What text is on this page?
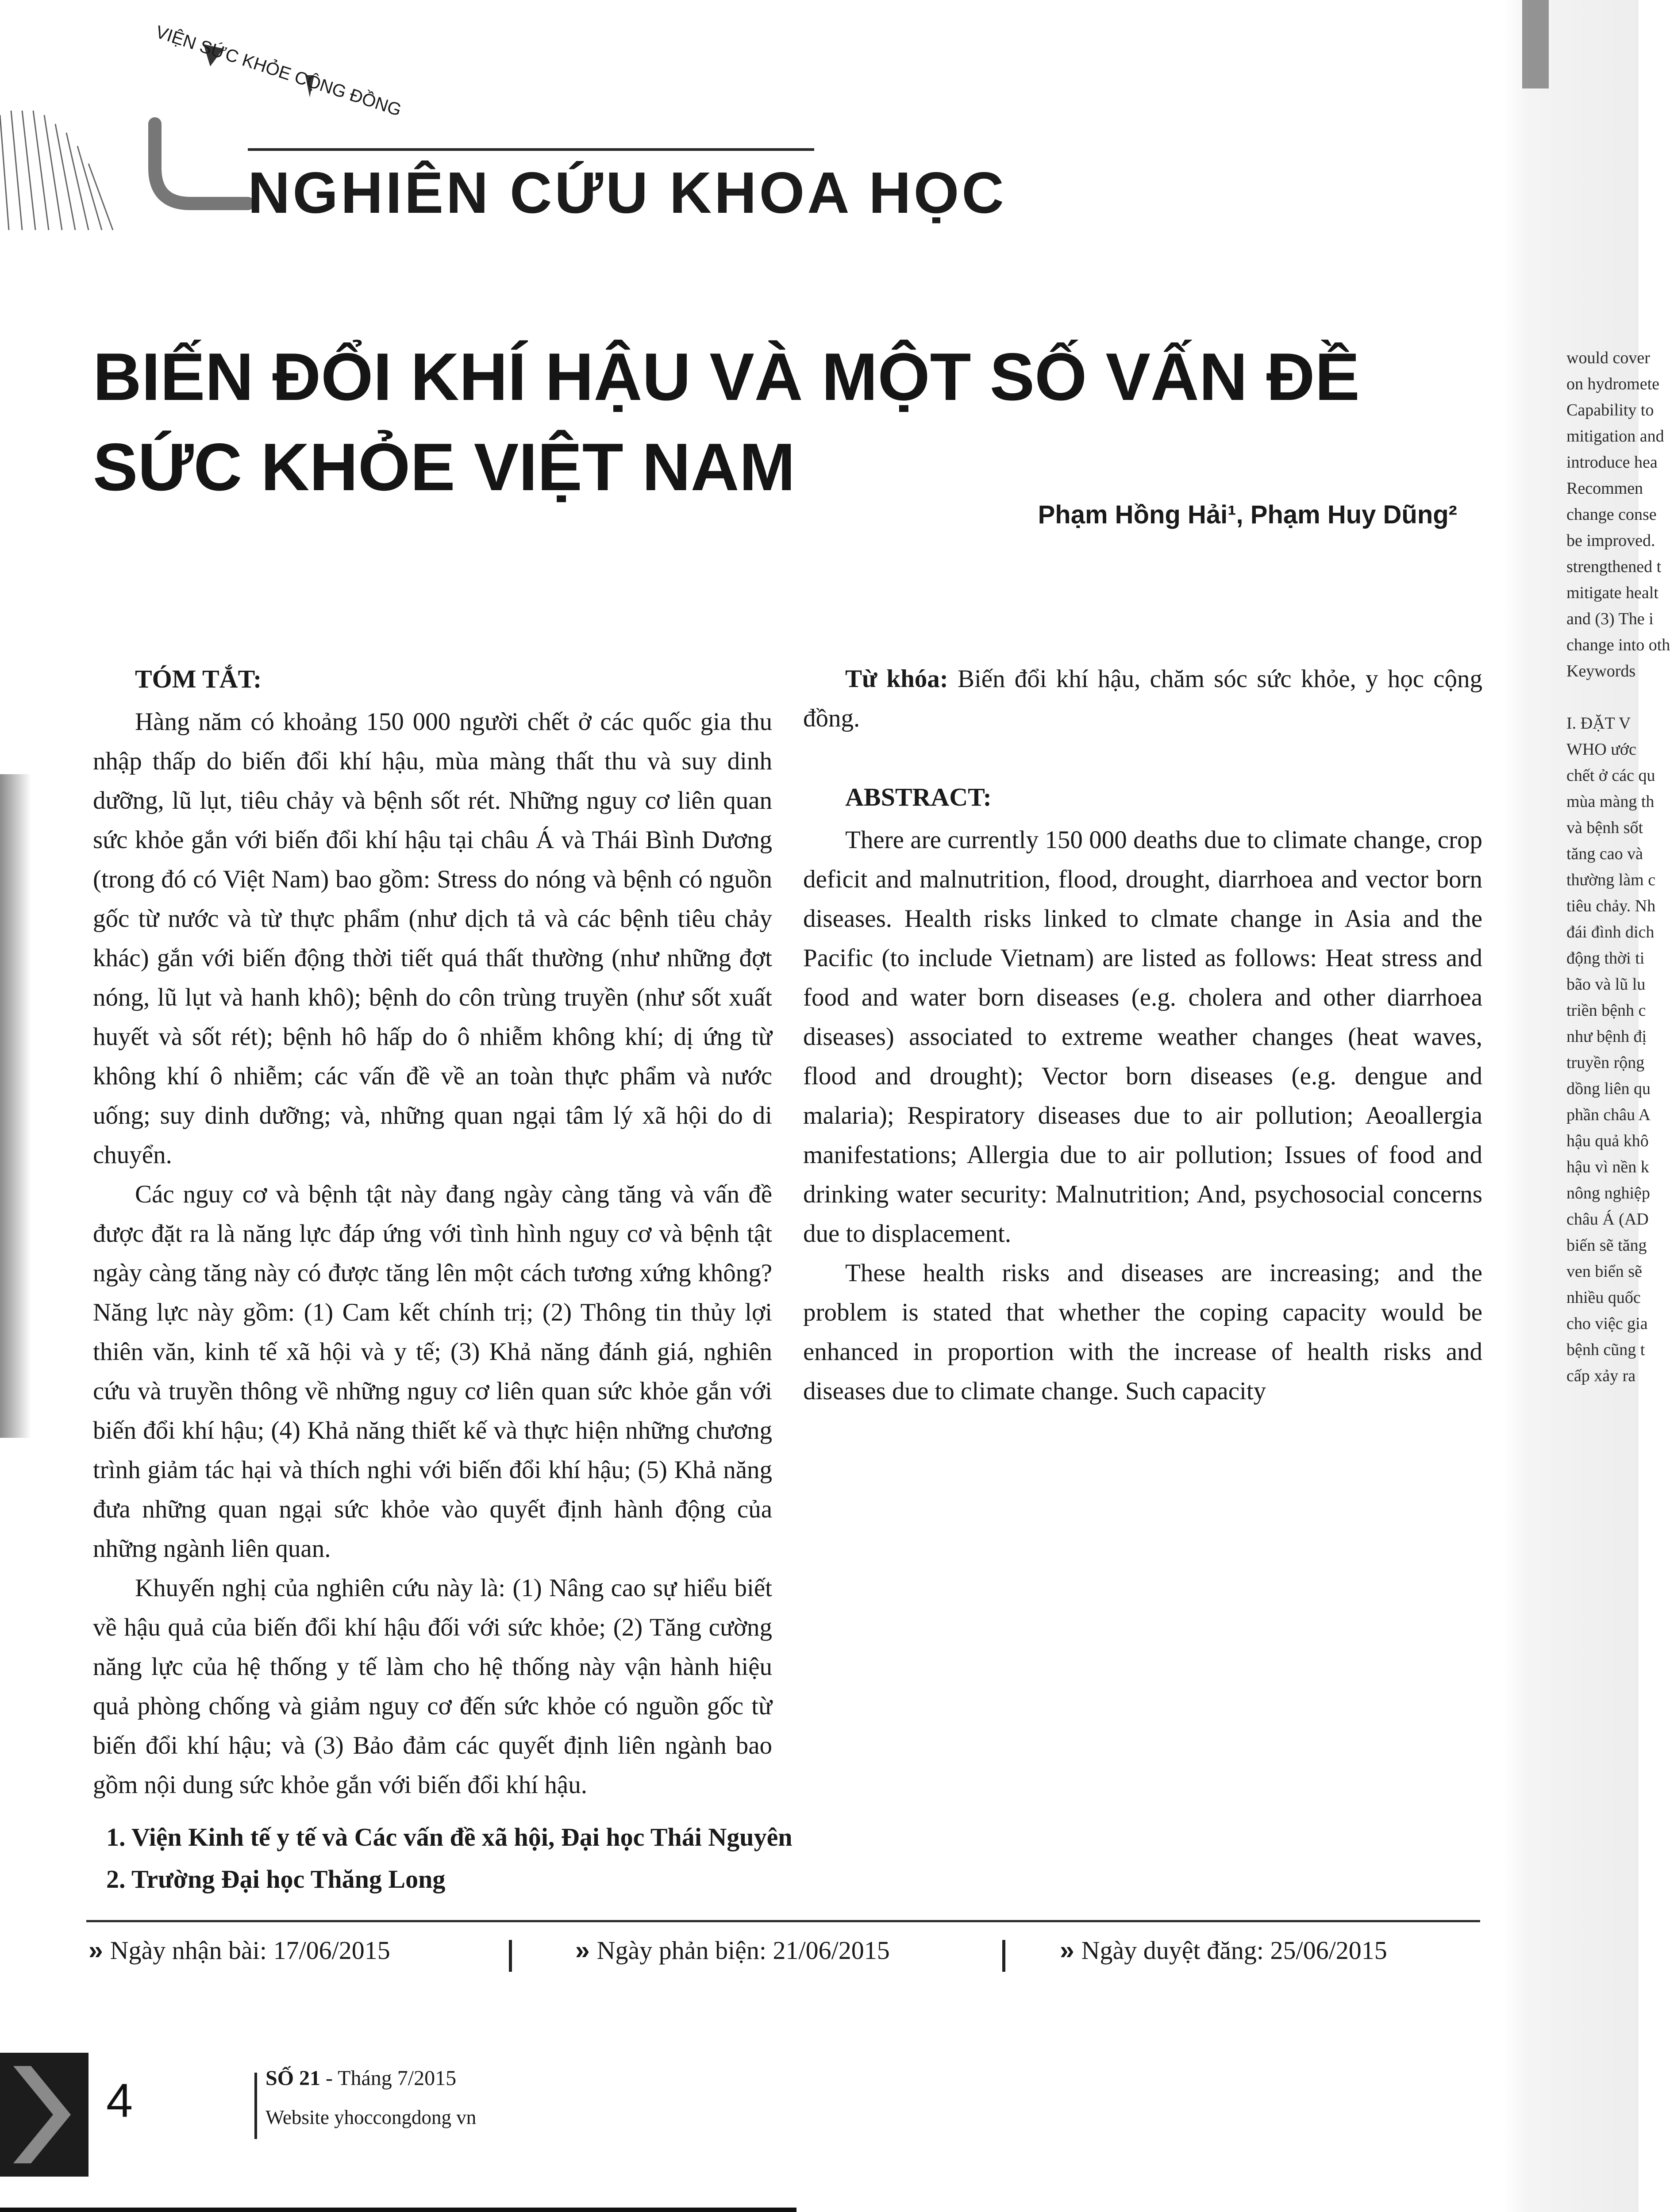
VIỆN SỨC KHỎE CỘNG ĐỒNG
NGHIÊN CỨU KHOA HỌC
BIẾN ĐỔI KHÍ HẬU VÀ MỘT SỐ VẤN ĐỀ
SỨC KHỎE VIỆT NAM
Phạm Hồng Hải¹, Phạm Huy Dũng²
TÓM TẮT:

Hàng năm có khoảng 150 000 người chết ở các quốc gia thu nhập thấp do biến đổi khí hậu, mùa màng thất thu và suy dinh dưỡng, lũ lụt, tiêu chảy và bệnh sốt rét. Những nguy cơ liên quan sức khỏe gắn với biến đổi khí hậu tại châu Á và Thái Bình Dương (trong đó có Việt Nam) bao gồm: Stress do nóng và bệnh có nguồn gốc từ nước và từ thực phẩm (như dịch tả và các bệnh tiêu chảy khác) gắn với biến động thời tiết quá thất thường (như những đợt nóng, lũ lụt và hanh khô); bệnh do côn trùng truyền (như sốt xuất huyết và sốt rét); bệnh hô hấp do ô nhiễm không khí; dị ứng từ không khí ô nhiễm; các vấn đề về an toàn thực phẩm và nước uống; suy dinh dưỡng; và, những quan ngại tâm lý xã hội do di chuyển.

Các nguy cơ và bệnh tật này đang ngày càng tăng và vấn đề được đặt ra là năng lực đáp ứng với tình hình nguy cơ và bệnh tật ngày càng tăng này có được tăng lên một cách tương xứng không? Năng lực này gồm: (1) Cam kết chính trị; (2) Thông tin thủy lợi thiên văn, kinh tế xã hội và y tế; (3) Khả năng đánh giá, nghiên cứu và truyền thông về những nguy cơ liên quan sức khỏe gắn với biến đổi khí hậu; (4) Khả năng thiết kế và thực hiện những chương trình giảm tác hại và thích nghi với biến đổi khí hậu; (5) Khả năng đưa những quan ngại sức khỏe vào quyết định hành động của những ngành liên quan.

Khuyến nghị của nghiên cứu này là: (1) Nâng cao sự hiểu biết về hậu quả của biến đổi khí hậu đối với sức khỏe; (2) Tăng cường năng lực của hệ thống y tế làm cho hệ thống này vận hành hiệu quả phòng chống và giảm nguy cơ đến sức khỏe có nguồn gốc từ biến đổi khí hậu; và (3) Bảo đảm các quyết định liên ngành bao gồm nội dung sức khỏe gắn với biến đổi khí hậu.

Từ khóa: Biến đổi khí hậu, chăm sóc sức khỏe, y học cộng đồng.

ABSTRACT:

There are currently 150 000 deaths due to climate change, crop deficit and malnutrition, flood, drought, diarrhoea and vector born diseases. Health risks linked to clmate change in Asia and the Pacific (to include Vietnam) are listed as follows: Heat stress and food and water born diseases (e.g. cholera and other diarrhoea diseases) associated to extreme weather changes (heat waves, flood and drought); Vector born diseases (e.g. dengue and malaria); Respiratory diseases due to air pollution; Aeoallergia manifestations; Allergia due to air pollution; Issues of food and drinking water security: Malnutrition; And, psychosocial concerns due to displacement.

These health risks and diseases are increasing; and the problem is stated that whether the coping capacity would be enhanced in proportion with the increase of health risks and diseases due to climate change. Such capacity

1. Viện Kinh tế y tế và Các vấn đề xã hội, Đại học Thái Nguyên
2. Trường Đại học Thăng Long
›› Ngày nhận bài: 17/06/2015	›› Ngày phản biện: 21/06/2015	›› Ngày duyệt đăng: 25/06/2015
4	SỐ 21 - Tháng 7/2015
Website yhoccongdong vn
would cover
on hydromete
Capability to
mitigation and
introduce hea
Recommen
change conse
be improved.
strengthened t
mitigate healt
and (3) The i
change into oth
Keywords

I. ĐẶT V
WHO ước
chết ở các qu
mùa màng th
và bệnh sốt
tăng cao và
thường làm c
tiêu chảy. Nh
đái đình dich
động thời ti
bão và lũ lu
triền bệnh c
như bệnh đị
truyền rộng
dồng liên qu
phần châu A
hậu quả khô
hậu vì nền k
nông nghiệp
châu Á (AD
biến sẽ tăng
ven biển sẽ
nhiều quốc
cho việc gia
bệnh cũng t
cấp xảy ra
